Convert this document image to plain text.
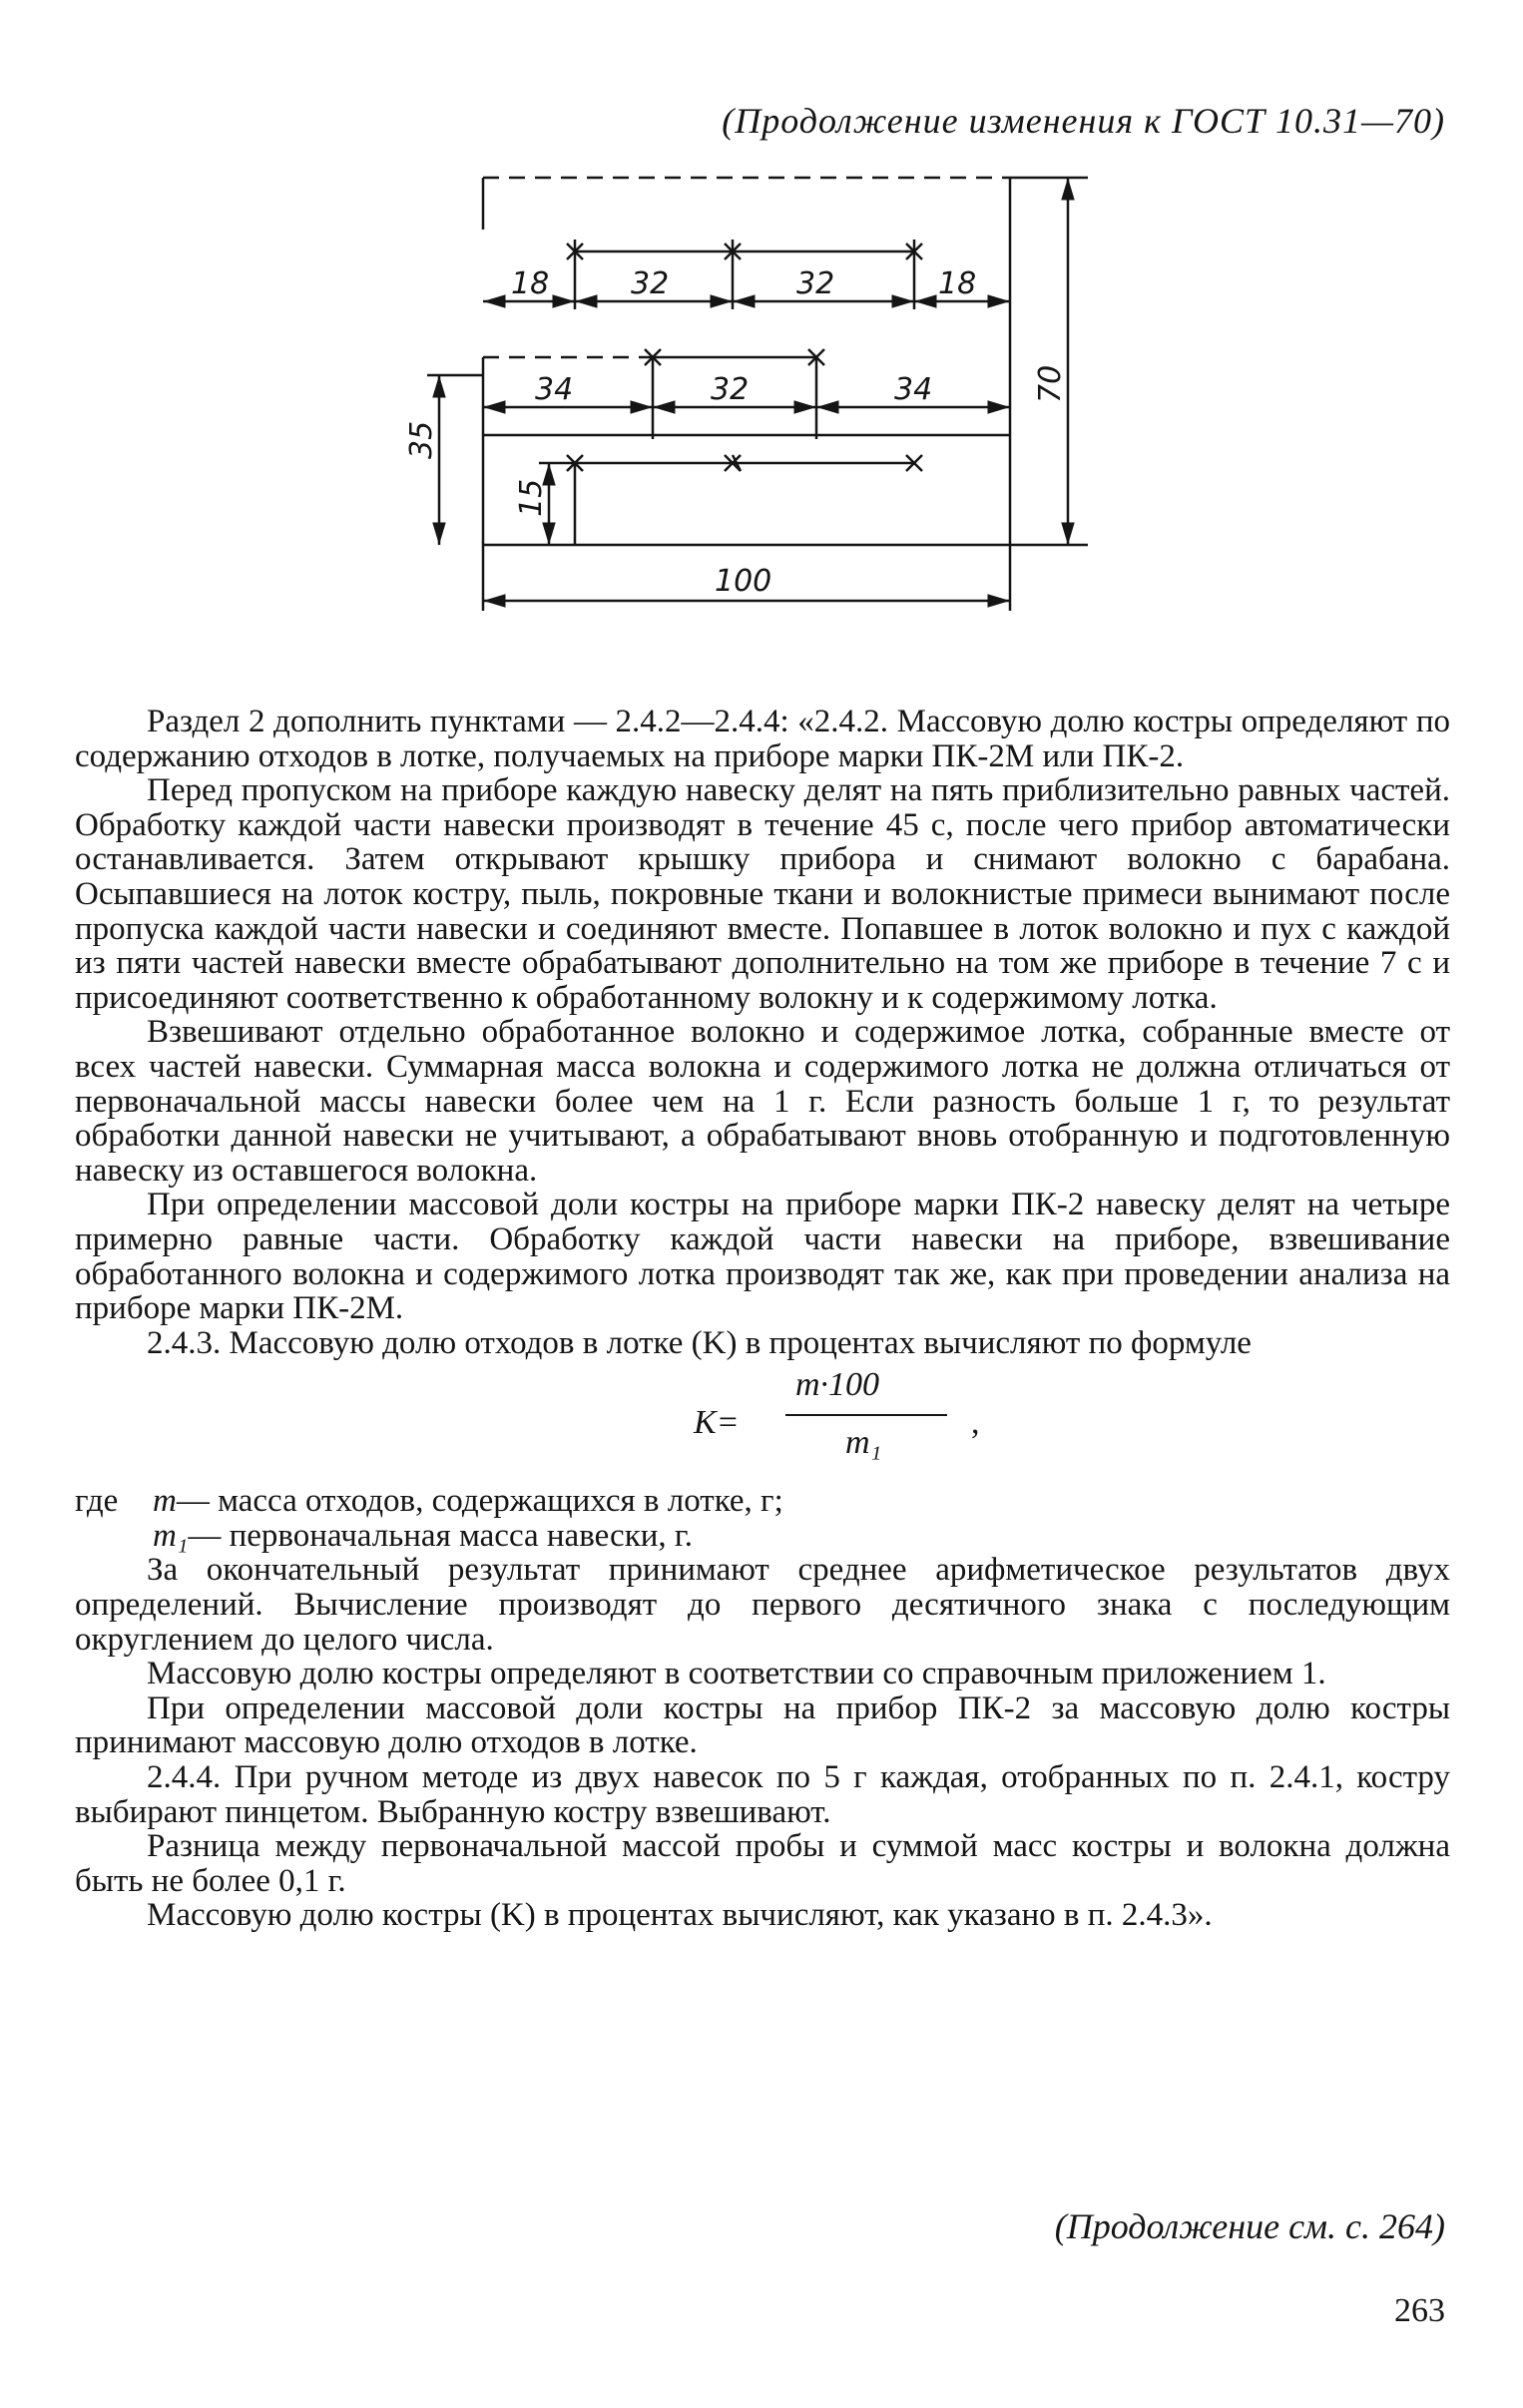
(Продолжение изменения к ГОСТ 10.31—70)
18	32	32	18
34	32	34
35
15
70
100

Раздел 2 дополнить пунктами — 2.4.2—2.4.4: «2.4.2. Массовую долю костры определяют по содержанию отходов в лотке, получаемых на приборе марки ПК-2М или ПК-2.

Перед пропуском на приборе каждую навеску делят на пять приблизительно равных частей. Обработку каждой части навески производят в течение 45 с, после чего прибор автоматически останавливается. Затем открывают крышку прибора и снимают волокно с барабана. Осыпавшиеся на лоток костру, пыль, покровные ткани и волокнистые примеси вынимают после пропуска каждой части навески и соединяют вместе. Попавшее в лоток волокно и пух с каждой из пяти частей навески вместе обрабатывают дополнительно на том же приборе в течение 7 с и присоединяют соответственно к обработанному волокну и к содержимому лотка.

Взвешивают отдельно обработанное волокно и содержимое лотка, собранные вместе от всех частей навески. Суммарная масса волокна и содержимого лотка не должна отличаться от первоначальной массы навески более чем на 1 г. Если разность больше 1 г, то результат обработки данной навески не учитывают, а обрабатывают вновь отобранную и подготовленную навеску из оставшегося волокна.

При определении массовой доли костры на приборе марки ПК-2 навеску делят на четыре примерно равные части. Обработку каждой части навески на приборе, взвешивание обработанного волокна и содержимого лотка производят так же, как при проведении анализа на приборе марки ПК-2М.

2.4.3. Массовую долю отходов в лотке (K) в процентах вычисляют по формуле

K=
m·100
m₁
,
где	m — масса отходов, содержащихся в лотке, г;
m₁ — первоначальная масса навески, г.

За окончательный результат принимают среднее арифметическое результатов двух определений. Вычисление производят до первого десятичного знака с последующим округлением до целого числа.

Массовую долю костры определяют в соответствии со справочным приложением 1.

При определении массовой доли костры на прибор ПК-2 за массовую долю костры принимают массовую долю отходов в лотке.

2.4.4. При ручном методе из двух навесок по 5 г каждая, отобранных по п. 2.4.1, костру выбирают пинцетом. Выбранную костру взвешивают.

Разница между первоначальной массой пробы и суммой масс костры и волокна должна быть не более 0,1 г.

Массовую долю костры (K) в процентах вычисляют, как указано в п. 2.4.3».

(Продолжение см. с. 264)
263
